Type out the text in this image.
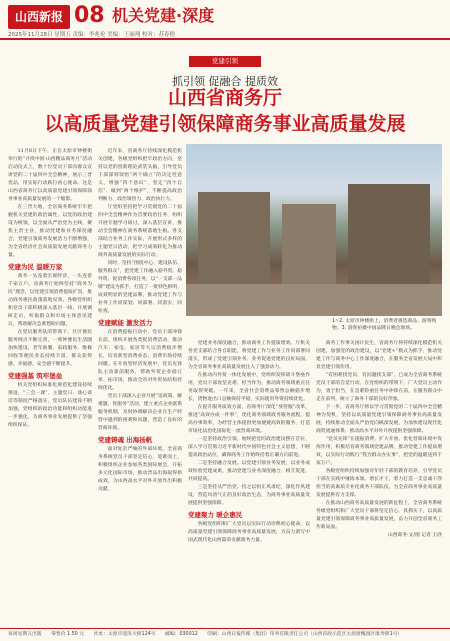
山西新报 08 机关党建·深度
2025年11月28日 星期五 责编：李兆伦 美编：王丽翔 校对：苏春艳
党建引领
抓引领 促融合 提质效
山西省商务厅
以高质量党建引领保障商务事业高质量发展

11月8日下午，正在太原市钟楼街举行的“寻找中国·山西精品商务月”活动启动仪式上，数十位党员干部向群众宣讲党的二十届四中全会精神，展示三晋优品，用实际行动践行初心使命。这是山西省商务厅以高质量党建引领保障商务事业高质量发展的一个缩影。

在三晋大地，全省商务系统牢牢把握机关党建的政治属性，以党的政治建设为统领，以全面从严治党为主线，聚焦主责主业，推动党建和业务深度融合，党建引领商务发展活力不断增强，为全省经济社会高质量发展贡献商务力量。

党建为民 温暖万家

商务一头连着宏观经济，一头连着千家万户。省商务厅始终坚持“商务为民”理念，以党建引领消费提质扩容，推动商务惠民政策落地见效。各级党组织和党员干部积极深入基层一线，开展调研走访，听取群众和市场主体意见建议，帮助解决急难愁盼问题。

在党员服务队的带领下，社区便民服务网点不断完善，一刻钟便民生活圈加快建设，老年助餐、家政服务、维修回收等便民业态持续丰富，群众获得感、幸福感、安全感不断提升。

党建强基 筑牢堡垒

机关党组织标准化规范化建设持续推进，“三会一课”、主题党日、谈心谈话等制度严格落实，党员队伍建设不断加强，党组织的政治功能和组织功能进一步强化，为商务事业发展提供了坚强组织保证。

近年来，省商务厅持续深化模范机关创建，各级党组织把牢政治方向，坚持以党的创新理论武装头脑，引导党员干部深刻领悟“两个确立”的决定性意义，增强“四个意识”、坚定“四个自信”、做到“两个维护”，不断提高政治判断力、政治领悟力、政治执行力。

厅党组坚持把学习贯彻党的二十届四中全会精神作为首要政治任务，组织开展专题学习研讨，深入基层宣讲，推动全会精神在商务系统落地生根。各支部结合业务工作实际，开展形式多样的主题党日活动，把学习成效转化为推动商务高质量发展的实际行动。

同时，坚持“围绕中心、建设队伍、服务群众”，把党建工作融入稳外贸、稳外资、促消费各项任务，以“一支部一品牌”建设为抓手，打造了一批特色鲜明、成效明显的党建品牌，推动党建工作与业务工作同谋划、同部署、同落实、同检查。

党建赋能 激发活力

在消费提振行动中，党员干部冲锋在前，组织开展各类促消费活动，推动汽车、家电、家居等大宗消费稳步增长，培育新型消费业态，消费市场持续回暖。在开放型经济发展中，党员先锋队主动靠前服务，帮助外贸企业稳订单、拓市场，推动全省对外贸易结构持续优化。

党员干部深入企业开展“送政策、解难题、优服务”活动，建立重点企业联系服务机制，及时协调解决企业在生产经营中遇到的困难和问题，营造了良好的营商环境。

党建铸魂 出海扬帆

面对复杂严峻的外部环境，全省商务系统党员干部坚定信心、迎难而上，积极组织企业参加各类国际展会，开拓多元化国际市场，推动晋品出海取得新成效，为山西高水平对外开放作出积极贡献。

1~2. 太原市钟楼街上，消费者挑选商品、游客购物。3. 游客拍摄中国品牌日晚会现场。

党建业务深度融合，推动商务工作提质增效。厅机关各党支部结合各自职能，将党建工作与业务工作同部署同落实，形成了党建引领业务、业务促进党建的良好局面，为全省商务事业高质量发展注入了强劲动力。

在推动内外贸一体化发展中，党组织发挥战斗堡垒作用，党员干部攻坚克难、担当作为，推动商务领域重点任务取得突破。一年来，全省社会消费品零售总额稳步增长，货物进出口总额保持平稳，实际使用外资持续优化。

在提升服务质效方面，省商务厅深化“放管服”改革，推进“高效办成一件事”，优化商务领域政务服务流程，提高办事效率，为经营主体提供更加便捷高效的服务，打造市场化法治化国际化一流营商环境。

一是坚持政治引领。始终把党的政治建设摆在首位，深入学习贯彻习近平新时代中国特色社会主义思想，不断提高政治站位，确保商务工作始终沿着正确方向前进。

二是坚持融合发展。以党建引领业务发展，以业务成效检验党建成果，推动党建与业务深度融合、相互促进、共同提高。

三是坚持从严治党。持之以恒正风肃纪，深化作风建设，营造风清气正的良好政治生态，为商务事业高质量发展提供坚强保障。

党建聚力 暖企惠民

各级党组织和广大党员以实际行动诠释初心使命，以高质量党建引领保障商务事业高质量发展，为奋力谱写中国式现代化山西篇章贡献商务力量。

商务工作事关国计民生，省商务厅将持续深化模范机关创建，加强党的政治建设，以“党建+”模式为抓手，推动党建工作与商务中心工作深度融合，在服务全省发展大局中彰显党建引领作用。

“有困难找党员、有问题找支部”，已成为全省商务系统党员干部的自觉行动。在党组织的带领下，广大党员主动作为，勇于担当，在急难险重任务中冲锋在前，在服务群众中走在前列，树立了商务干部的良好形象。

下一步，省商务厅将以学习贯彻党的二十届四中全会精神为契机，坚持以高质量党建引领保障商务事业高质量发展，持续推动全面从严治党向纵深发展，为加快建设现代化商贸流通体系、推动高水平对外开放提供坚强保障。

“党员先锋”在提振消费、扩大开放、优化营商环境中发挥作用，积极培育商务领域党建品牌，推动党建工作提质增效，以实际行动践行“我为群众办实事”，把党的温暖送到千家万户。

各级党组织持续加强对年轻干部的教育培养，引导党员干部在实践中锤炼本领、增长才干，着力打造一支忠诚干净担当的高素质专业化商务干部队伍，为全省商务事业高质量发展提供有力支撑。

在推动山西商务高质量发展的新征程上，全省商务系统各级党组织和广大党员干部将坚定信心、真抓实干，以高质量党建引领保障商务事业高质量发展，奋力开创全省商务工作新局面。

山西商务·文/图 记者 王欣

每周星期五出版 零售价 1.50 元 社址：太原市迎泽大街124号 邮编：030012 印刷：山西日报传媒（集团）印务有限责任公司（山西省政示范区太原唐槐园区康寿街1号）
